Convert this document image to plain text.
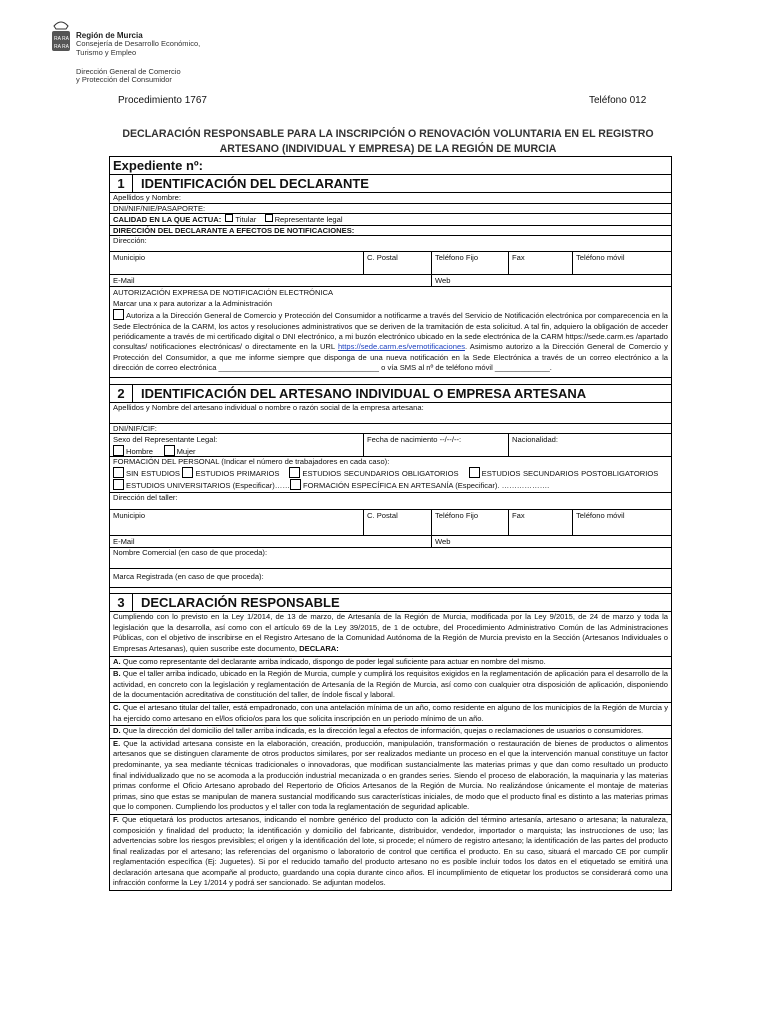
RA RA
RA RA
Región de Murcia
Consejería de Desarrollo Económico,
Turismo y Empleo
Dirección General de Comercio
y Protección del Consumidor
Procedimiento 1767	Teléfono 012
DECLARACIÓN RESPONSABLE PARA LA INSCRIPCIÓN O RENOVACIÓN VOLUNTARIA EN EL REGISTRO ARTESANO (INDIVIDUAL Y EMPRESA) DE LA REGIÓN DE MURCIA
Expediente nº:
1	IDENTIFICACIÓN DEL DECLARANTE
Apellidos y Nombre:
DNI/NIF/NIE/PASAPORTE:
CALIDAD EN LA QUE ACTUA: Titular Representante legal
DIRECCIÓN DEL DECLARANTE A EFECTOS DE NOTIFICACIONES:
Dirección:
Municipio	C. Postal	Teléfono Fijo	Fax	Teléfono móvil
E-Mail	Web
AUTORIZACIÓN EXPRESA DE NOTIFICACIÓN ELECTRÓNICA
Marcar una x para autorizar a la Administración
Autoriza a la Dirección General de Comercio y Protección del Consumidor a notificarme a través del Servicio de Notificación electrónica por comparecencia en la Sede Electrónica de la CARM, los actos y resoluciones administrativos que se deriven de la tramitación de esta solicitud. A tal fin, adquiero la obligación de acceder periódicamente a través de mi certificado digital o DNI electrónico, a mi buzón electrónico ubicado en la sede electrónica de la CARM https://sede.carm.es /apartado consultas/ notificaciones electrónicas/ o directamente en la URL https://sede.carm.es/vernotificaciones. Asimismo autorizo a la Dirección General de Comercio y Protección del Consumidor, a que me informe siempre que disponga de una nueva notificación en la Sede Electrónica a través de un correo electrónico a la dirección de correo electrónica ______________________________________ o vía SMS al nº de teléfono móvil _____________.
2	IDENTIFICACIÓN DEL ARTESANO INDIVIDUAL O EMPRESA ARTESANA
Apellidos y Nombre del artesano individual o nombre o razón social de la empresa artesana:
DNI/NIF/CIF:
Sexo del Representante Legal:
Hombre	Mujer
Fecha de nacimiento --/--/--:	Nacionalidad:
FORMACIÓN DEL PERSONAL (Indicar el número de trabajadores en cada caso):
SIN ESTUDIOS ESTUDIOS PRIMARIOS	ESTUDIOS SECUNDARIOS OBLIGATORIOS	ESTUDIOS SECUNDARIOS POSTOBLIGATORIOS    ESTUDIOS UNIVERSITARIOS (Especificar)…… FORMACIÓN ESPECÍFICA EN ARTESANÍA (Especificar). ……………….
Dirección del taller:
Municipio	C. Postal	Teléfono Fijo	Fax	Teléfono móvil
E-Mail	Web
Nombre Comercial (en caso de que proceda):
Marca Registrada (en caso de que proceda):
3	DECLARACIÓN RESPONSABLE
Cumpliendo con lo previsto en la Ley 1/2014, de 13 de marzo, de Artesanía de la Región de Murcia, modificada por la Ley 9/2015, de 24 de marzo y toda la legislación que la desarrolla, así como con el artículo 69 de la Ley 39/2015, de 1 de octubre, del Procedimiento Administrativo Común de las Administraciones Públicas, con el objetivo de inscribirse en el Registro Artesano de la Comunidad Autónoma de la Región de Murcia previsto en la Sección (Artesanos Individuales o Empresas Artesanas), quien suscribe este documento, DECLARA:
A. Que como representante del declarante arriba indicado, dispongo de poder legal suficiente para actuar en nombre del mismo.
B. Que el taller arriba indicado, ubicado en la Región de Murcia, cumple y cumplirá los requisitos exigidos en la reglamentación de aplicación para el desarrollo de la actividad, en concreto con la legislación y reglamentación de Artesanía de la Región de Murcia, así como con cualquier otra disposición de aplicación, disponiendo de la documentación acreditativa de constitución del taller, de índole fiscal y laboral.
C. Que el artesano titular del taller, está empadronado, con una antelación mínima de un año, como residente en alguno de los municipios de la Región de Murcia y ha ejercido como artesano en el/los oficio/os para los que solicita inscripción en un periodo mínimo de un año.
D. Que la dirección del domicilio del taller arriba indicada, es la dirección legal a efectos de información, quejas o reclamaciones de usuarios o consumidores.
E. Que la actividad artesana consiste en la elaboración, creación, producción, manipulación, transformación o restauración de bienes de productos o alimentos artesanos que se distinguen claramente de otros productos similares, por ser realizados mediante un proceso en el que la intervención manual constituye un factor predominante, ya sea mediante técnicas tradicionales o innovadoras, que modifican sustancialmente las materias primas y que dan como resultado un producto final individualizado que no se acomoda a la producción industrial mecanizada o en grandes series. Siendo el proceso de elaboración, la maquinaria y las materias primas conforme el Oficio Artesano aprobado del Repertorio de Oficios Artesanos de la Región de Murcia. No realizándose únicamente el montaje de materias primas, sino que estas se manipulan de manera sustancial modificando sus características iniciales, de modo que el producto final es distinto a las materias primas que lo componen. Cumpliendo los productos y el taller con toda la reglamentación de seguridad aplicable.
F. Que etiquetará los productos artesanos, indicando el nombre genérico del producto con la adición del término artesanía, artesano o artesana; la naturaleza, composición y finalidad del producto; la identificación y domicilio del fabricante, distribuidor, vendedor, importador o marquista; las instrucciones de uso; las advertencias sobre los riesgos previsibles; el origen y la identificación del lote, si procede; el número de registro artesano; la identificación de las partes del producto final realizadas por el artesano; las referencias del organismo o laboratorio de control que certifica el producto. En su caso, situará el marcado CE por cumplir reglamentación específica (Ej: Juguetes). Si por el reducido tamaño del producto artesano no es posible incluir todos los datos en el etiquetado se emitirá una declaración artesana que acompañe al producto, guardando una copia durante cinco años. El incumplimiento de etiquetar los productos se considerará como una infracción conforme la Ley 1/2014 y podrá ser sancionado. Se adjuntan modelos.
